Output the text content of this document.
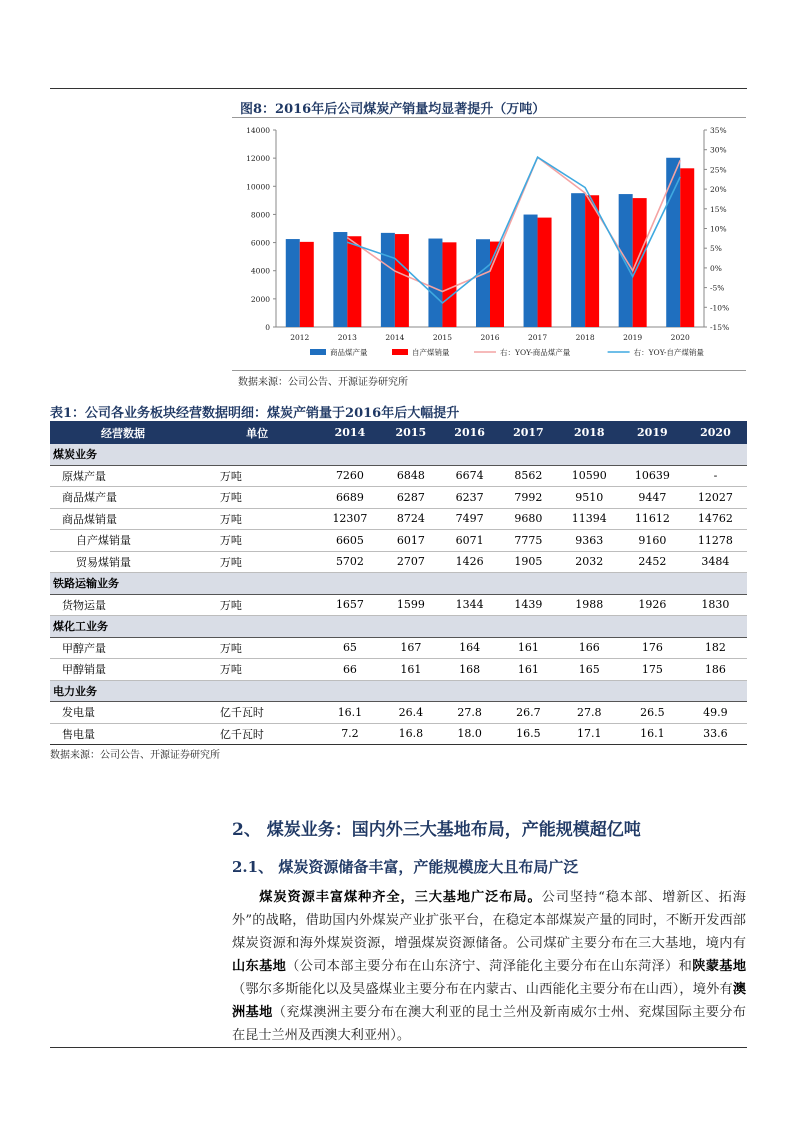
图8：2016年后公司煤炭产销量均显著提升（万吨）
0
2000
4000
6000
8000
10000
12000
14000
-15%
-10%
-5%
0%
5%
10%
15%
20%
25%
30%
35%
2012	2013	2014	2015	2016	2017	2018	2019	2020
商品煤产量	自产煤销量	右：YOY-商品煤产量	右：YOY-自产煤销量
数据来源：公司公告、开源证券研究所
表1：公司各业务板块经营数据明细：煤炭产销量于2016年后大幅提升
经营数据	单位	2014	2015	2016	2017	2018	2019	2020
煤炭业务								
原煤产量	万吨	7260	6848	6674	8562	10590	10639	-
商品煤产量	万吨	6689	6287	6237	7992	9510	9447	12027
商品煤销量	万吨	12307	8724	7497	9680	11394	11612	14762
自产煤销量	万吨	6605	6017	6071	7775	9363	9160	11278
贸易煤销量	万吨	5702	2707	1426	1905	2032	2452	3484
铁路运输业务								
货物运量	万吨	1657	1599	1344	1439	1988	1926	1830
煤化工业务								
甲醇产量	万吨	65	167	164	161	166	176	182
甲醇销量	万吨	66	161	168	161	165	175	186
电力业务								
发电量	亿千瓦时	16.1	26.4	27.8	26.7	27.8	26.5	49.9
售电量	亿千瓦时	7.2	16.8	18.0	16.5	17.1	16.1	33.6
数据来源：公司公告、开源证券研究所
2、 煤炭业务：国内外三大基地布局，产能规模超亿吨
2.1、 煤炭资源储备丰富，产能规模庞大且布局广泛
  煤炭资源丰富煤种齐全，三大基地广泛布局。公司坚持“稳本部、增新区、拓海外”的战略，借助国内外煤炭产业扩张平台，在稳定本部煤炭产量的同时，不断开发西部煤炭资源和海外煤炭资源，增强煤炭资源储备。公司煤矿主要分布在三大基地，境内有山东基地（公司本部主要分布在山东济宁、菏泽能化主要分布在山东菏泽）和陕蒙基地（鄂尔多斯能化以及昊盛煤业主要分布在内蒙古、山西能化主要分布在山西），境外有澳洲基地（兖煤澳洲主要分布在澳大利亚的昆士兰州及新南威尔士州、兖煤国际主要分布在昆士兰州及西澳大利亚州）。
